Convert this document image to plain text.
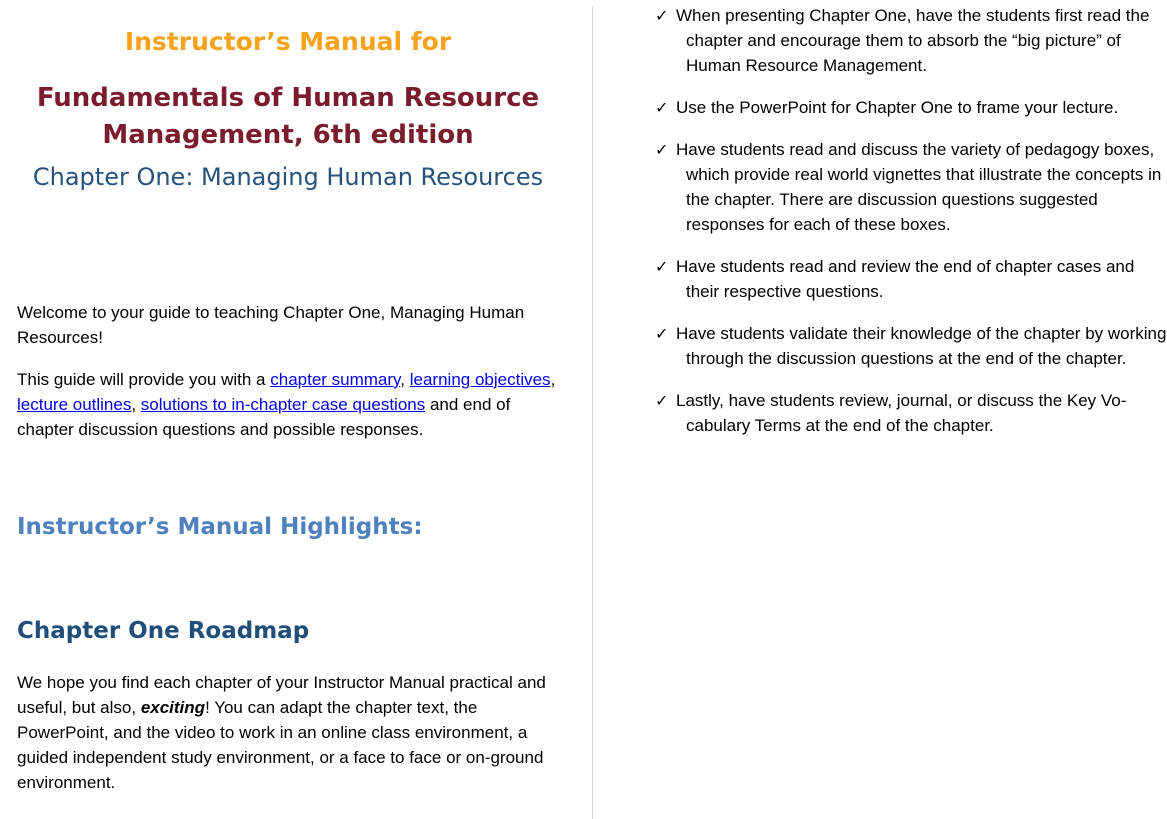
Instructor’s Manual for
Fundamentals of Human Resource Management, 6th edition
Chapter One: Managing Human Resources

Welcome to your guide to teaching Chapter One, Managing Human Resources!

This guide will provide you with a chapter summary, learning objectives, lecture outlines, solutions to in-chapter case questions and end of chapter discussion questions and possible responses.

Instructor’s Manual Highlights:
Chapter One Roadmap

We hope you find each chapter of your Instructor Manual practical and useful, but also, exciting! You can adapt the chapter text, the PowerPoint, and the video to work in an online class environment, a guided independent study environment, or a face to face or on-ground environment.

✓ When presenting Chapter One, have the students first read the chapter and encourage them to absorb the “big picture” of Human Resource Management.
✓ Use the PowerPoint for Chapter One to frame your lecture.
✓ Have students read and discuss the variety of pedagogy boxes, which provide real world vignettes that illustrate the concepts in the chapter. There are discussion questions suggested responses for each of these boxes.
✓ Have students read and review the end of chapter cases and their respective questions.
✓ Have students validate their knowledge of the chapter by working through the discussion questions at the end of the chapter.
✓ Lastly, have students review, journal, or discuss the Key Vo-cabulary Terms at the end of the chapter.
